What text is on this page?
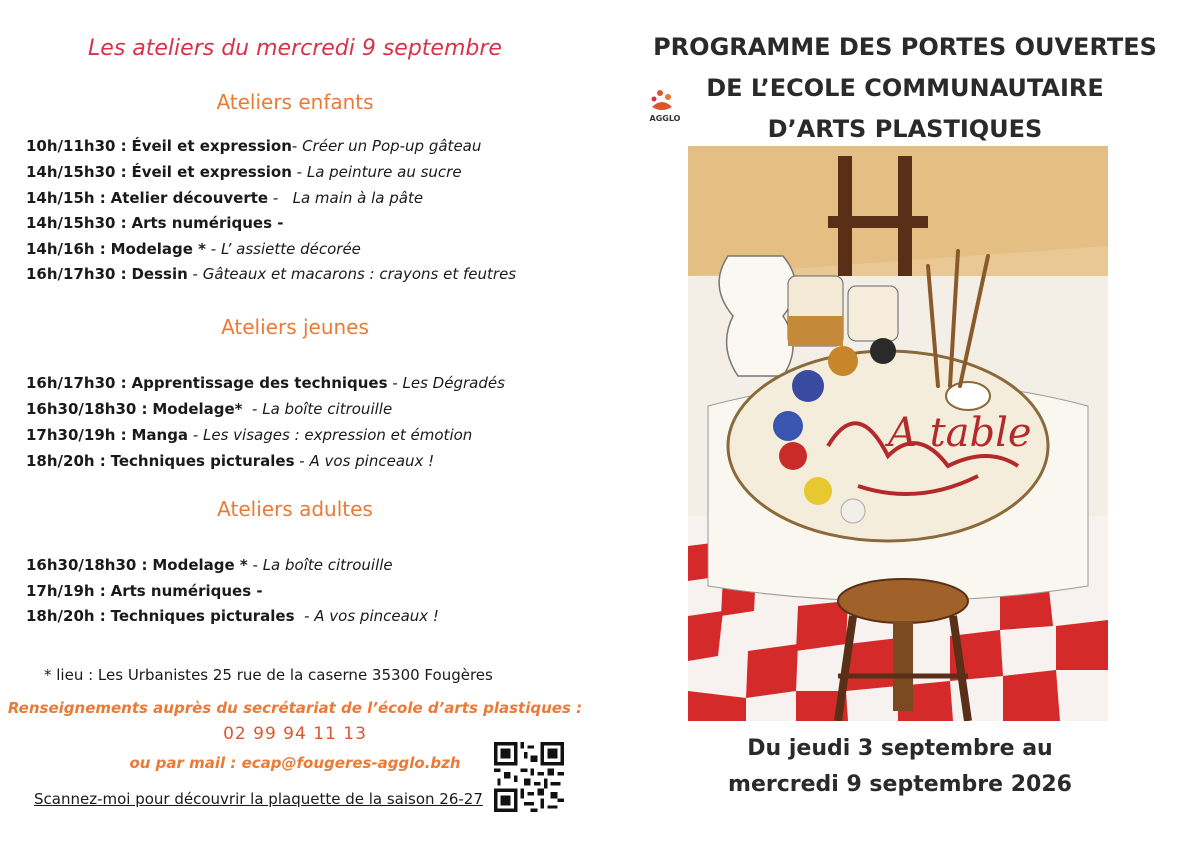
Les ateliers du mercredi 9 septembre
Ateliers enfants
10h/11h30 : Éveil et expression- Créer un Pop-up gâteau
14h/15h30 : Éveil et expression - La peinture au sucre
14h/15h : Atelier découverte -   La main à la pâte
14h/15h30 : Arts numériques -
14h/16h : Modelage * - L’ assiette décorée
16h/17h30 : Dessin - Gâteaux et macarons : crayons et feutres
Ateliers jeunes
16h/17h30 : Apprentissage des techniques - Les Dégradés
16h30/18h30 : Modelage*  - La boîte citrouille
17h30/19h : Manga - Les visages : expression et émotion
18h/20h : Techniques picturales - A vos pinceaux !
Ateliers adultes
16h30/18h30 : Modelage * - La boîte citrouille
17h/19h : Arts numériques -
18h/20h : Techniques picturales  - A vos pinceaux !
* lieu : Les Urbanistes 25 rue de la caserne 35300 Fougères
Renseignements auprès du secrétariat de l’école d’arts plastiques :
02 99 94 11 13
ou par mail : ecap@fougeres-agglo.bzh
Scannez-moi pour découvrir la plaquette de la saison 26-27
PROGRAMME DES PORTES OUVERTES
DE L’ECOLE COMMUNAUTAIRE
D’ARTS PLASTIQUES
AGGLO
A table
Du jeudi 3 septembre au
mercredi 9 septembre 2026
